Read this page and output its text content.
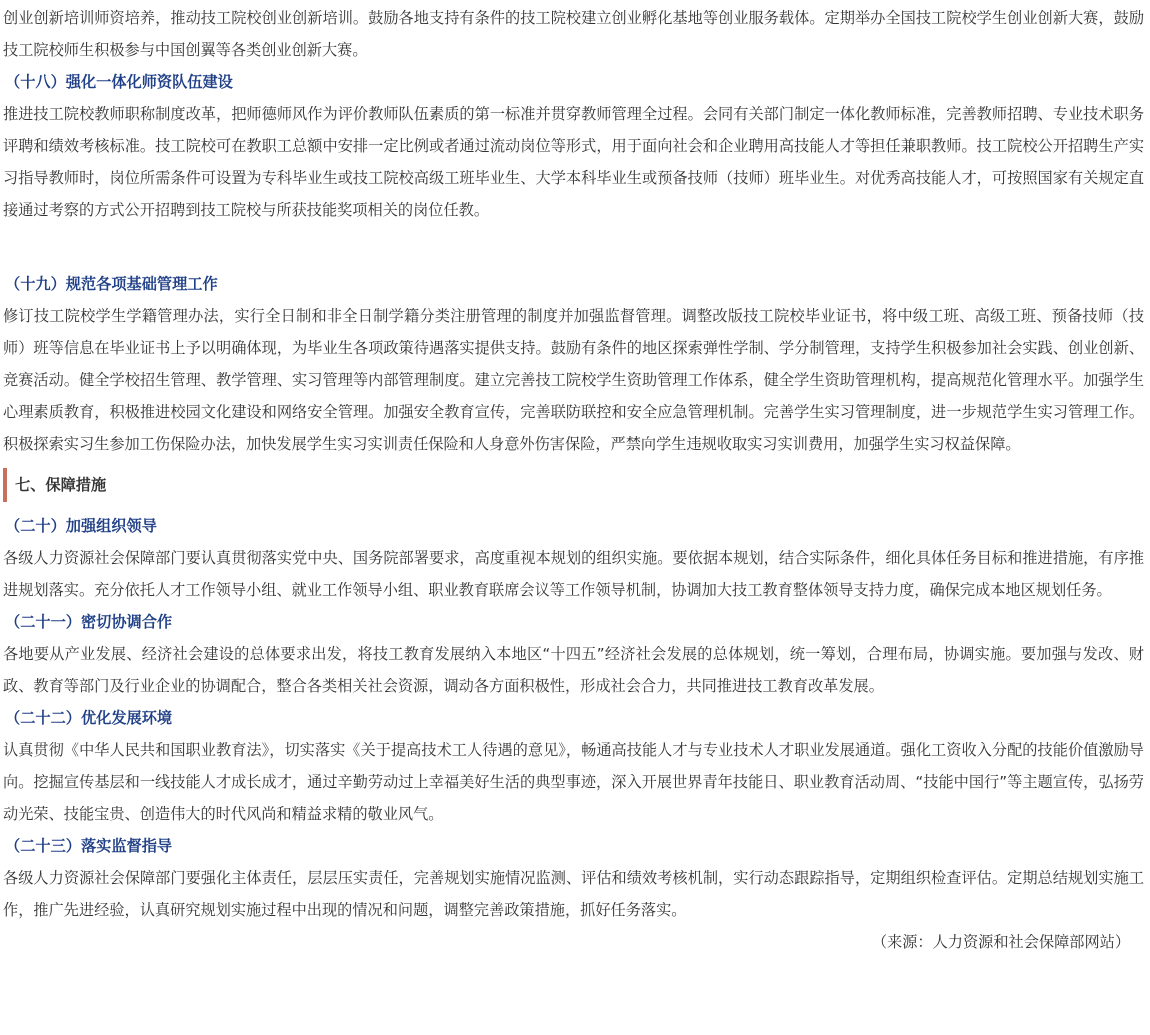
创业创新培训师资培养，推动技工院校创业创新培训。鼓励各地支持有条件的技工院校建立创业孵化基地等创业服务载体。定期举办全国技工院校学生创业创新大赛，鼓励技工院校师生积极参与中国创翼等各类创业创新大赛。

（十八）强化一体化师资队伍建设

推进技工院校教师职称制度改革，把师德师风作为评价教师队伍素质的第一标准并贯穿教师管理全过程。会同有关部门制定一体化教师标准，完善教师招聘、专业技术职务评聘和绩效考核标准。技工院校可在教职工总额中安排一定比例或者通过流动岗位等形式，用于面向社会和企业聘用高技能人才等担任兼职教师。技工院校公开招聘生产实习指导教师时，岗位所需条件可设置为专科毕业生或技工院校高级工班毕业生、大学本科毕业生或预备技师（技师）班毕业生。对优秀高技能人才，可按照国家有关规定直接通过考察的方式公开招聘到技工院校与所获技能奖项相关的岗位任教。

（十九）规范各项基础管理工作

修订技工院校学生学籍管理办法，实行全日制和非全日制学籍分类注册管理的制度并加强监督管理。调整改版技工院校毕业证书，将中级工班、高级工班、预备技师（技师）班等信息在毕业证书上予以明确体现，为毕业生各项政策待遇落实提供支持。鼓励有条件的地区探索弹性学制、学分制管理，支持学生积极参加社会实践、创业创新、竞赛活动。健全学校招生管理、教学管理、实习管理等内部管理制度。建立完善技工院校学生资助管理工作体系，健全学生资助管理机构，提高规范化管理水平。加强学生心理素质教育，积极推进校园文化建设和网络安全管理。加强安全教育宣传，完善联防联控和安全应急管理机制。完善学生实习管理制度，进一步规范学生实习管理工作。积极探索实习生参加工伤保险办法，加快发展学生实习实训责任保险和人身意外伤害保险，严禁向学生违规收取实习实训费用，加强学生实习权益保障。

七、保障措施
（二十）加强组织领导

各级人力资源社会保障部门要认真贯彻落实党中央、国务院部署要求，高度重视本规划的组织实施。要依据本规划，结合实际条件，细化具体任务目标和推进措施，有序推进规划落实。充分依托人才工作领导小组、就业工作领导小组、职业教育联席会议等工作领导机制，协调加大技工教育整体领导支持力度，确保完成本地区规划任务。

（二十一）密切协调合作

各地要从产业发展、经济社会建设的总体要求出发，将技工教育发展纳入本地区“十四五”经济社会发展的总体规划，统一筹划，合理布局，协调实施。要加强与发改、财政、教育等部门及行业企业的协调配合，整合各类相关社会资源，调动各方面积极性，形成社会合力，共同推进技工教育改革发展。

（二十二）优化发展环境

认真贯彻《中华人民共和国职业教育法》，切实落实《关于提高技术工人待遇的意见》，畅通高技能人才与专业技术人才职业发展通道。强化工资收入分配的技能价值激励导向。挖掘宣传基层和一线技能人才成长成才，通过辛勤劳动过上幸福美好生活的典型事迹，深入开展世界青年技能日、职业教育活动周、“技能中国行”等主题宣传，弘扬劳动光荣、技能宝贵、创造伟大的时代风尚和精益求精的敬业风气。

（二十三）落实监督指导

各级人力资源社会保障部门要强化主体责任，层层压实责任，完善规划实施情况监测、评估和绩效考核机制，实行动态跟踪指导，定期组织检查评估。定期总结规划实施工作，推广先进经验，认真研究规划实施过程中出现的情况和问题，调整完善政策措施，抓好任务落实。

（来源：人力资源和社会保障部网站）
